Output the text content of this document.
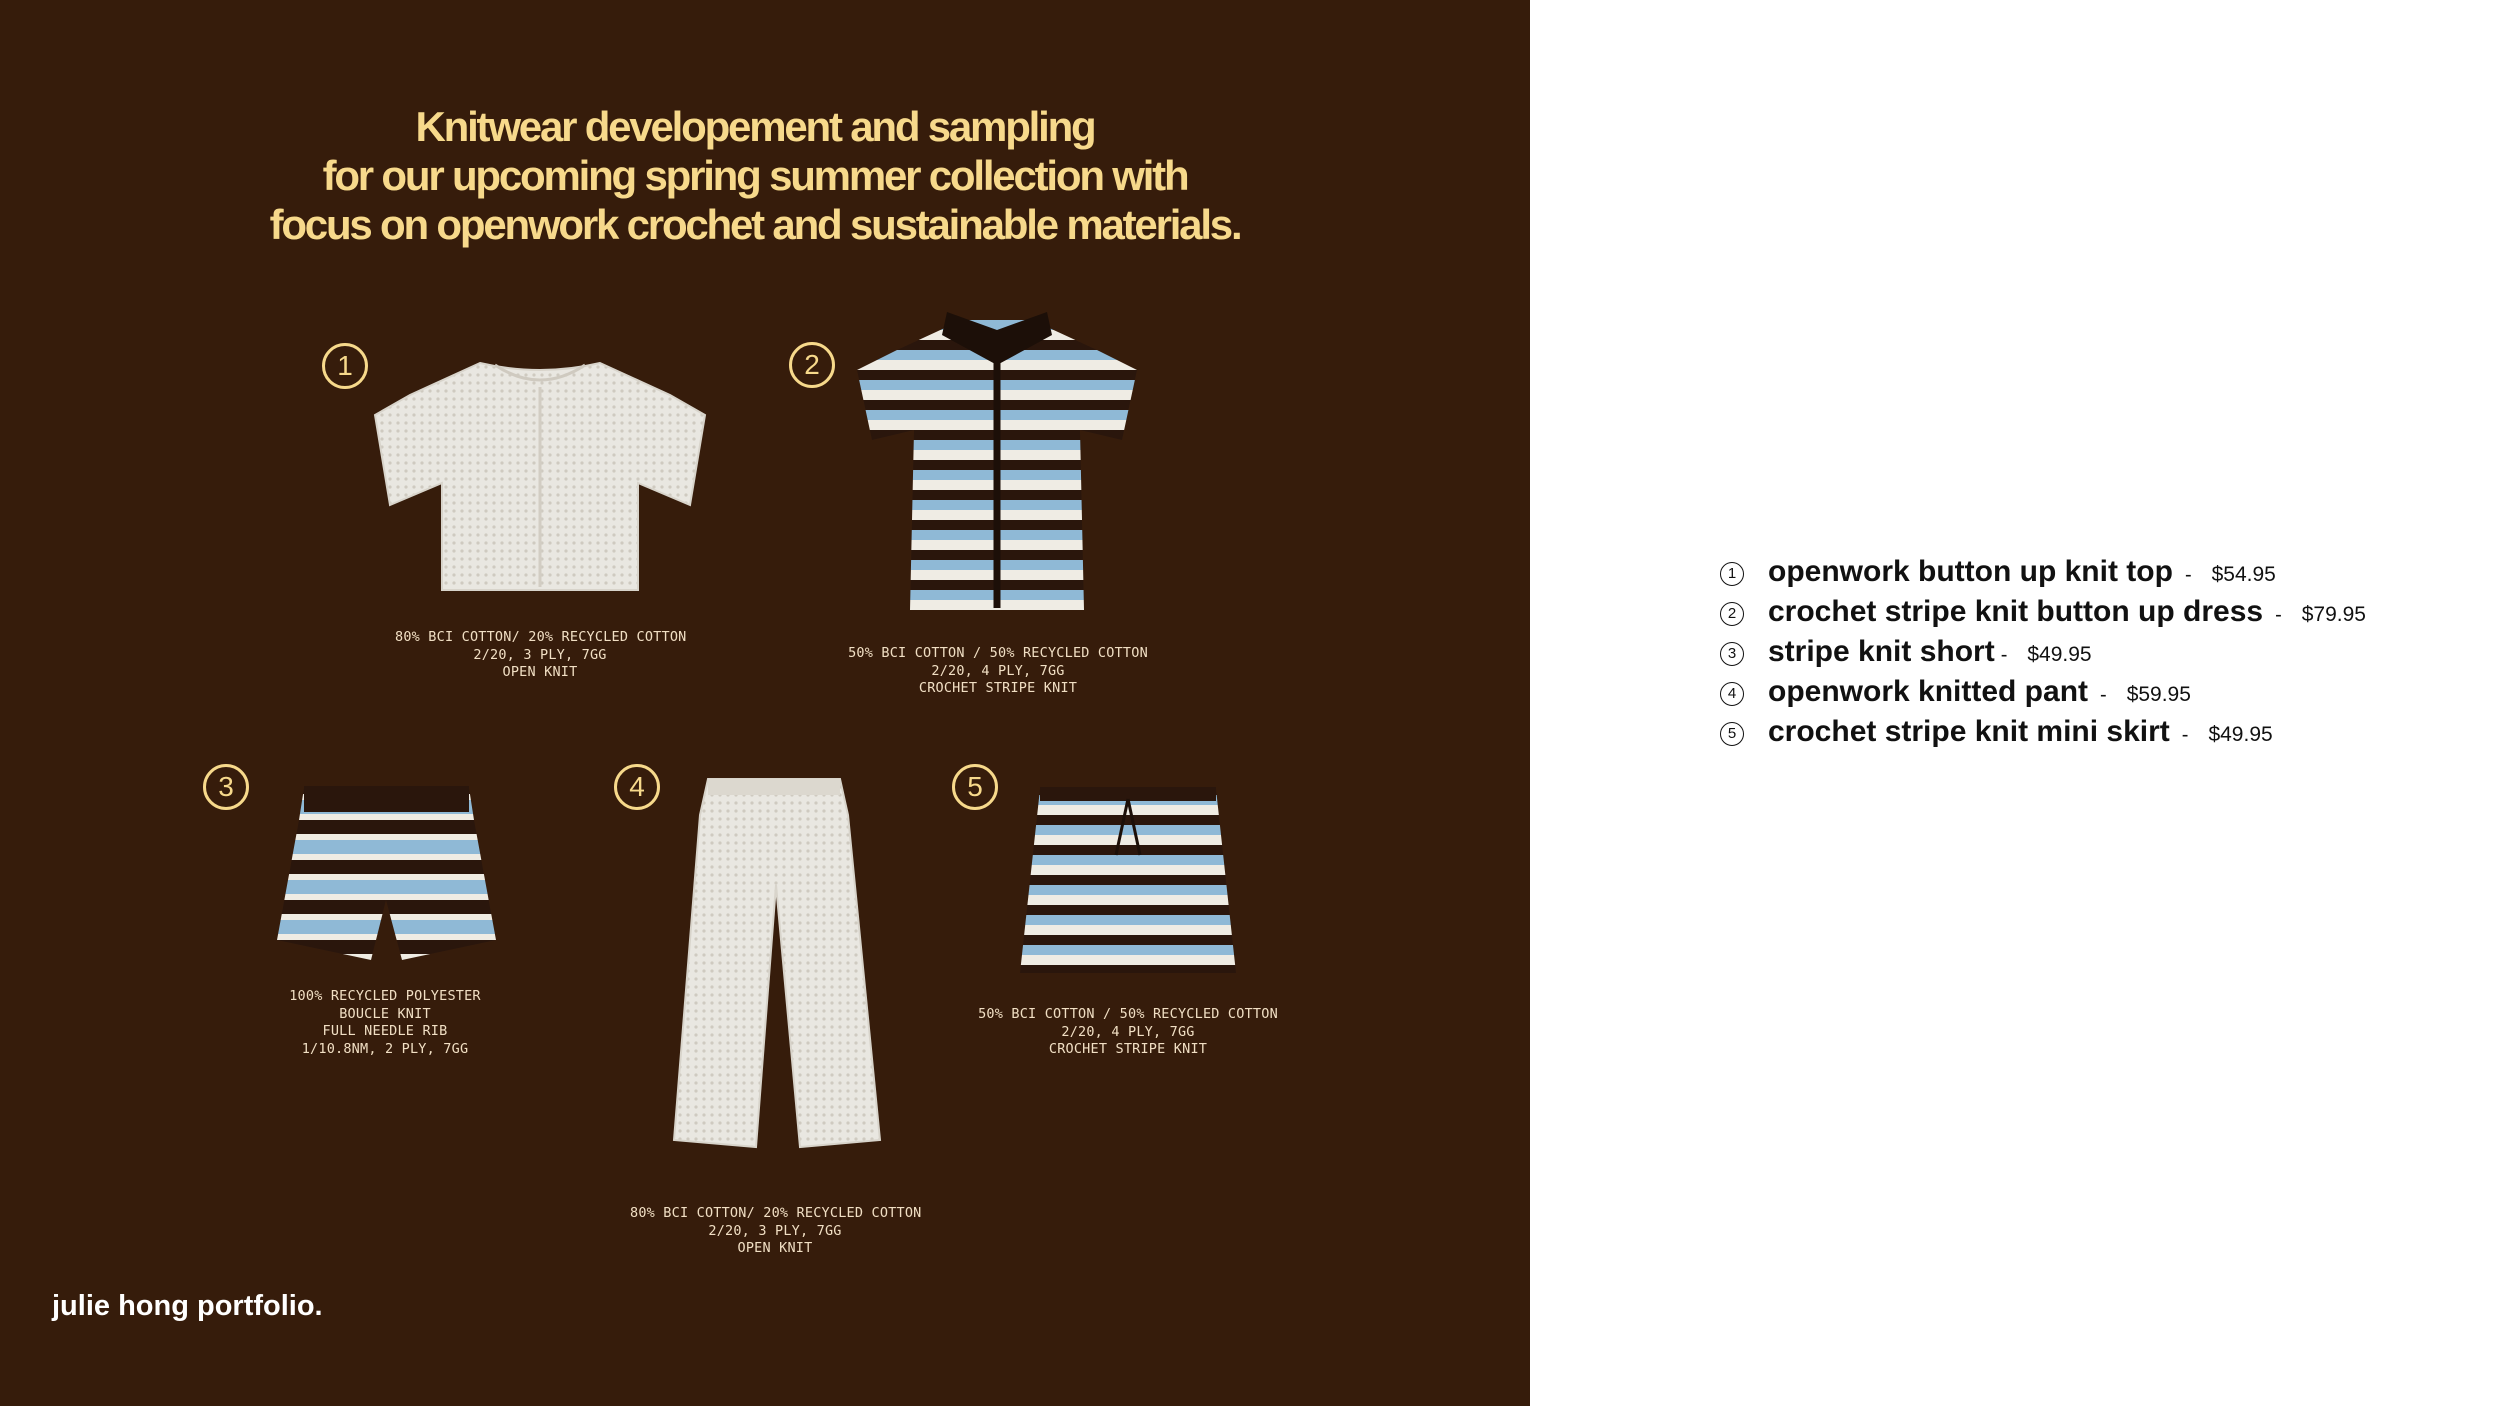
Knitwear developement and sampling
for our upcoming spring summer collection with
focus on openwork crochet and sustainable materials.
1
80% BCI COTTON/ 20% RECYCLED COTTON
2/20, 3 PLY, 7GG
OPEN KNIT
2
50% BCI COTTON / 50% RECYCLED COTTON
2/20, 4 PLY, 7GG
CROCHET STRIPE KNIT
3
100% RECYCLED POLYESTER
BOUCLE KNIT
FULL NEEDLE RIB
1/10.8NM, 2 PLY, 7GG
4
80% BCI COTTON/ 20% RECYCLED COTTON
2/20, 3 PLY, 7GG
OPEN KNIT
5
50% BCI COTTON / 50% RECYCLED COTTON
2/20, 4 PLY, 7GG
CROCHET STRIPE KNIT
julie hong portfolio.
1 openwork button up knit top - $54.95
2 crochet stripe knit button up dress - $79.95
3 stripe knit short - $49.95
4 openwork knitted pant - $59.95
5 crochet stripe knit mini skirt - $49.95
